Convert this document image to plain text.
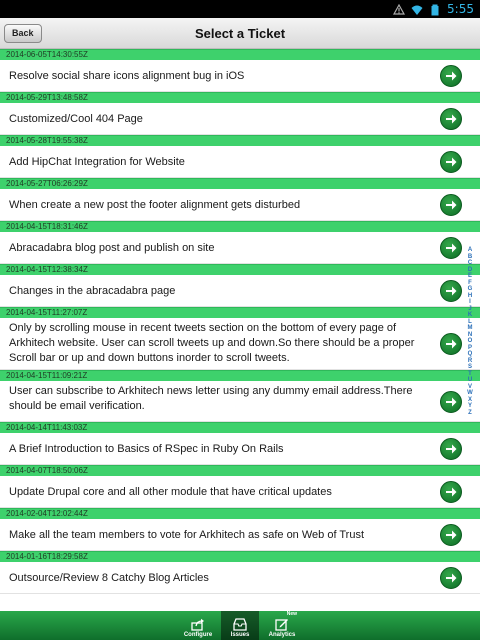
5:55
Select a Ticket
Back
2014-06-05T14:30:55Z
Resolve social share icons alignment bug in iOS
2014-05-29T13:48:58Z
Customized/Cool 404 Page
2014-05-28T19:55:38Z
Add HipChat Integration for Website
2014-05-27T06:26:29Z
When create a new post the footer alignment gets disturbed
2014-04-15T18:31:46Z
Abracadabra blog post and publish on site
2014-04-15T12:38:34Z
Changes in the abracadabra page
2014-04-15T11:27:07Z
Only by scrolling mouse in recent tweets section on the bottom of every page of Arkhitech website. User can scroll tweets up and down.So there should be a proper Scroll bar or up and down buttons inorder to scroll tweets.
2014-04-15T11:09:21Z
User can subscribe to Arkhitech news letter using any dummy email address.There should be email verification.
2014-04-14T11:43:03Z
A Brief Introduction to Basics of RSpec in Ruby On Rails
2014-04-07T18:50:06Z
Update Drupal core and all other module that have critical updates
2014-02-04T12:02:44Z
Make all the team members to vote for Arkhitech as safe on Web of Trust
2014-01-16T18:29:58Z
Outsource/Review 8 Catchy Blog Articles
A
B
C
D
E
F
G
H
I
J
K
L
M
N
O
P
Q
R
S
T
U
V
W
X
Y
Z
Configure	Issues
New
Analytics
